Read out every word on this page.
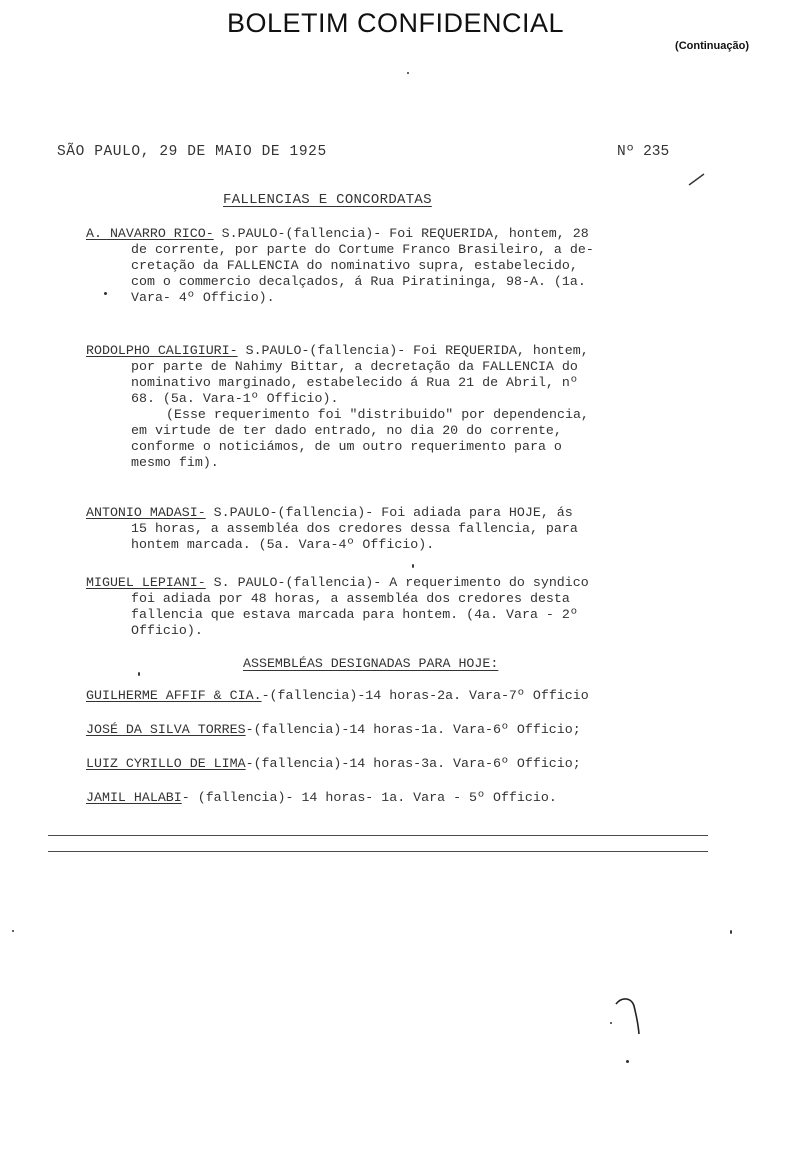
BOLETIM CONFIDENCIAL
(Continuação)
SÃO PAULO, 29 DE MAIO DE 1925	Nº 235
FALLENCIAS E CONCORDATAS
A. NAVARRO RICO- S.PAULO-(fallencia)- Foi REQUERIDA, hontem, 28
de corrente, por parte do Cortume Franco Brasileiro, a de-
cretação da FALLENCIA do nominativo supra, estabelecido,
com o commercio decalçados, á Rua Piratininga, 98-A. (1a.
Vara- 4º Officio).
RODOLPHO CALIGIURI- S.PAULO-(fallencia)- Foi REQUERIDA, hontem,
por parte de Nahimy Bittar, a decretação da FALLENCIA do
nominativo marginado, estabelecido á Rua 21 de Abril, nº
68. (5a. Vara-1º Officio).
(Esse requerimento foi "distribuido" por dependencia,
em virtude de ter dado entrado, no dia 20 do corrente,
conforme o noticiámos, de um outro requerimento para o
mesmo fim).
ANTONIO MADASI- S.PAULO-(fallencia)- Foi adiada para HOJE, ás
15 horas, a assembléa dos credores dessa fallencia, para
hontem marcada. (5a. Vara-4º Officio).
MIGUEL LEPIANI- S. PAULO-(fallencia)- A requerimento do syndico
foi adiada por 48 horas, a assembléa dos credores desta
fallencia que estava marcada para hontem. (4a. Vara - 2º
Officio).
ASSEMBLÉAS DESIGNADAS PARA HOJE:
GUILHERME AFFIF & CIA.-(fallencia)-14 horas-2a. Vara-7º Officio
JOSÉ DA SILVA TORRES-(fallencia)-14 horas-1a. Vara-6º Officio;
LUIZ CYRILLO DE LIMA-(fallencia)-14 horas-3a. Vara-6º Officio;
JAMIL HALABI- (fallencia)- 14 horas- 1a. Vara - 5º Officio.
